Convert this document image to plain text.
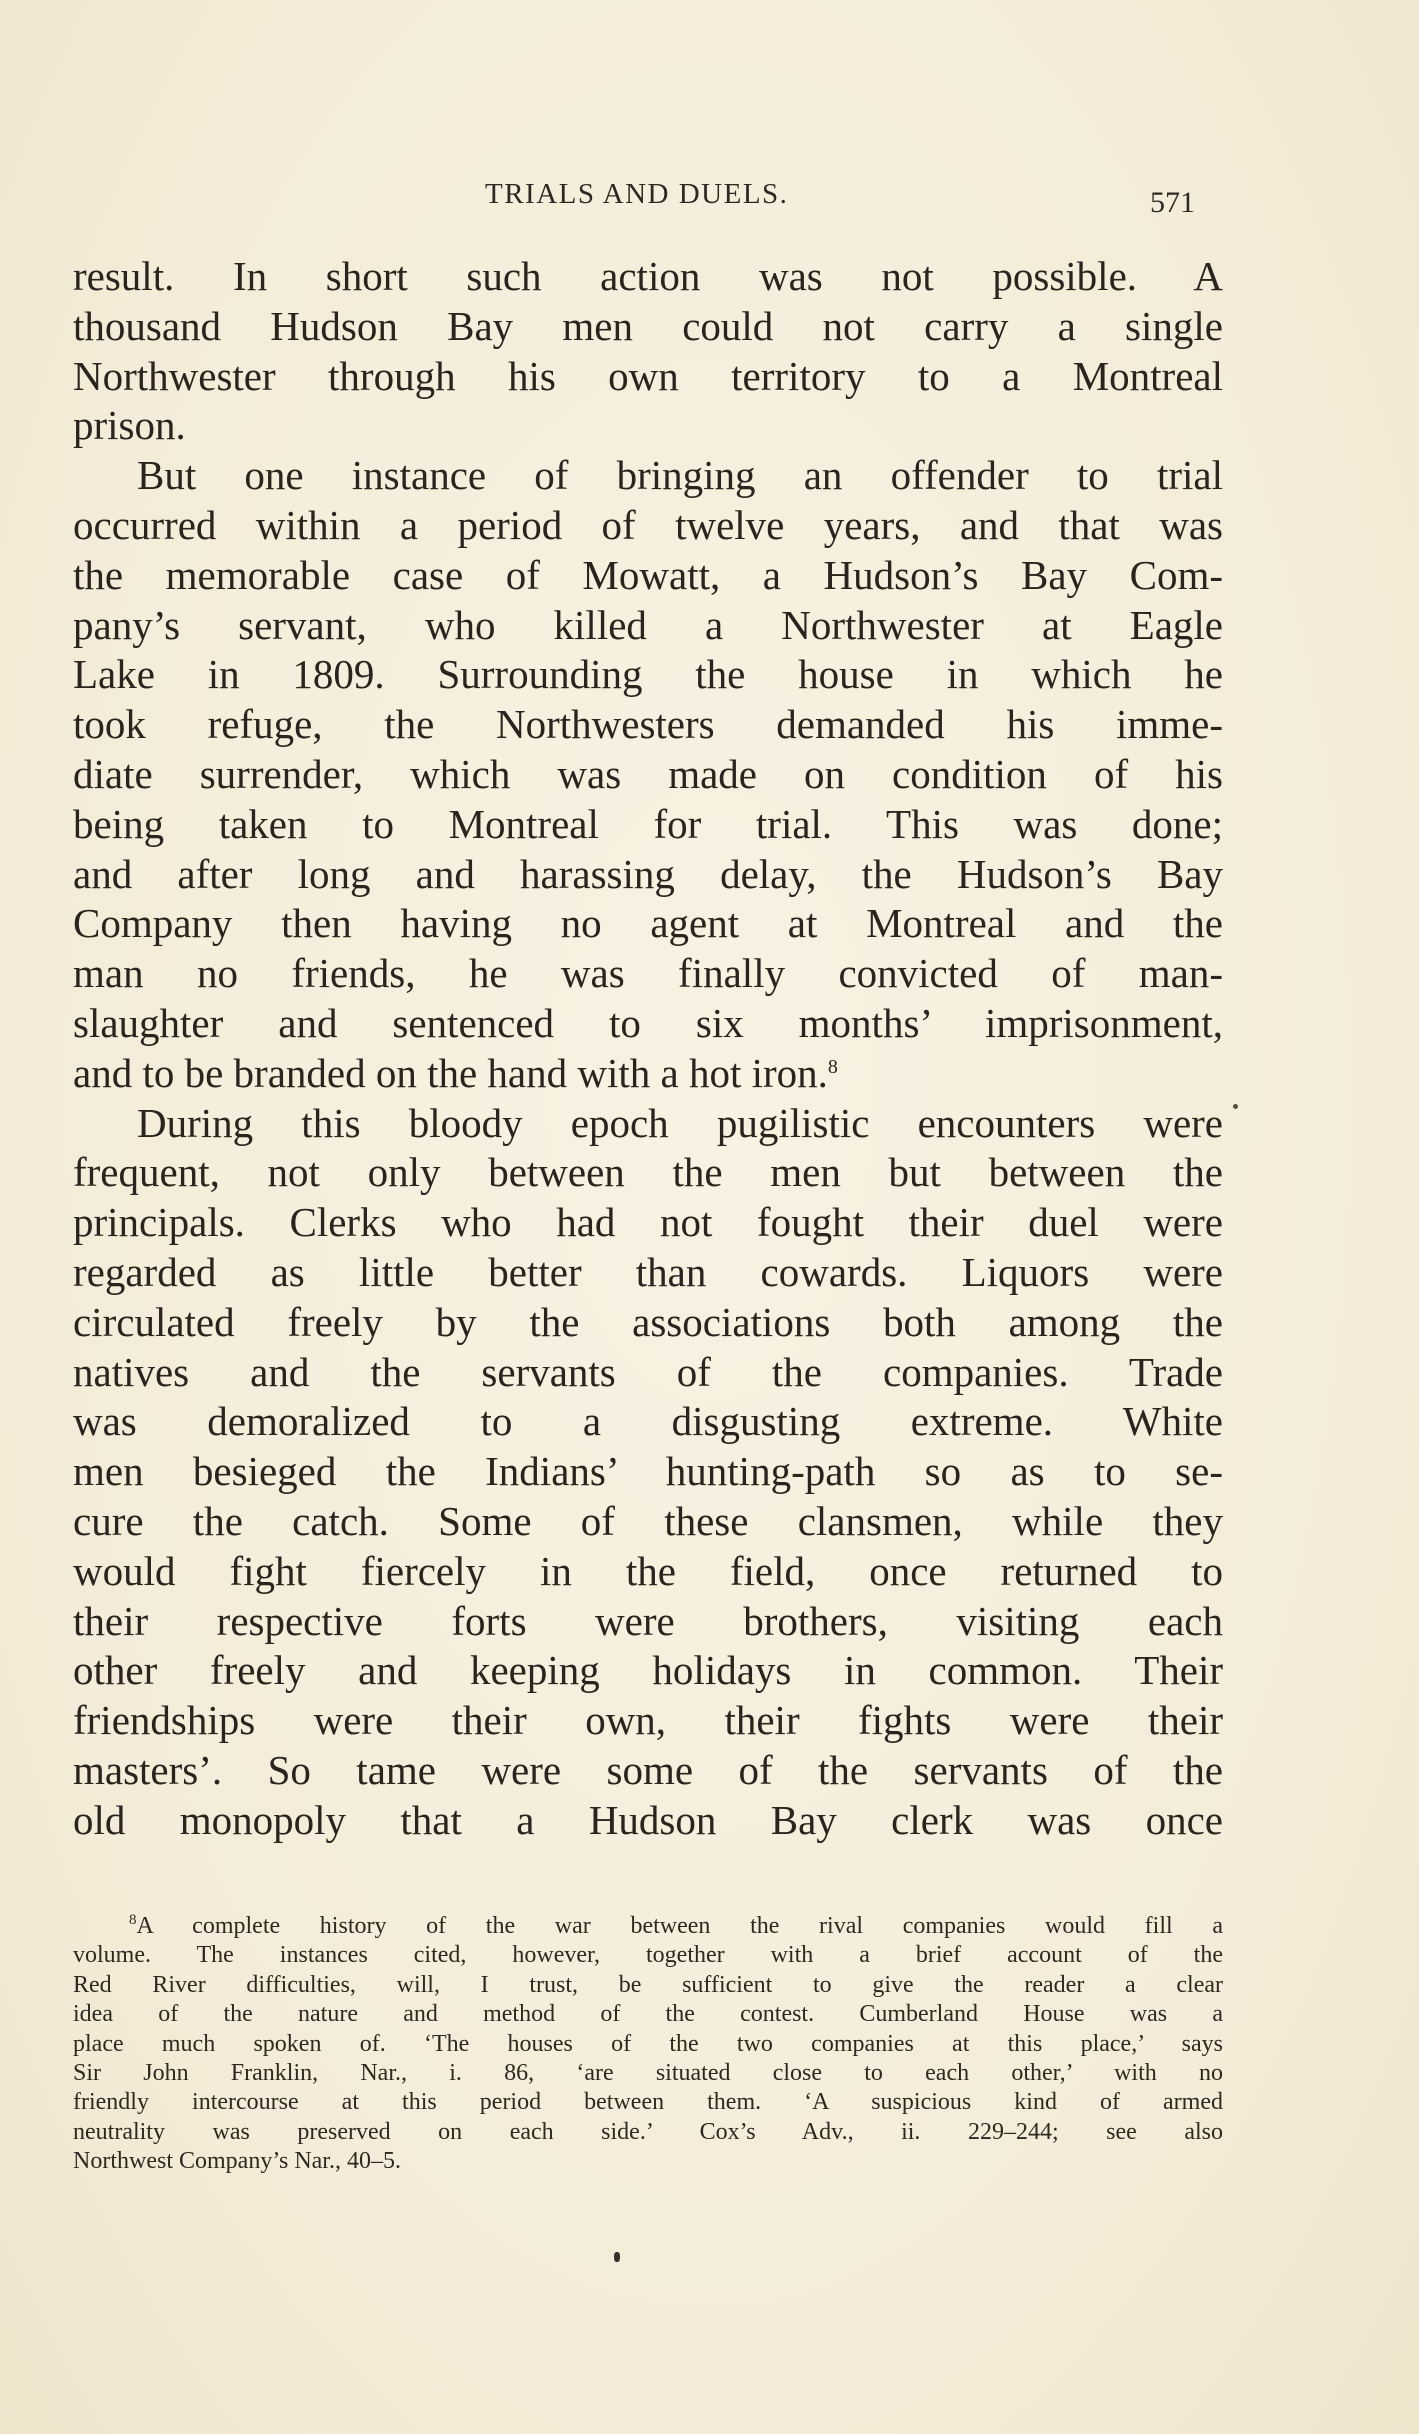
TRIALS AND DUELS.	571
result. In short such action was not possible. A
thousand Hudson Bay men could not carry a single
Northwester through his own territory to a Montreal
prison.
But one instance of bringing an offender to trial
occurred within a period of twelve years, and that was
the memorable case of Mowatt, a Hudson’s Bay Com-
pany’s servant, who killed a Northwester at Eagle
Lake in 1809. Surrounding the house in which he
took refuge, the Northwesters demanded his imme-
diate surrender, which was made on condition of his
being taken to Montreal for trial. This was done;
and after long and harassing delay, the Hudson’s Bay
Company then having no agent at Montreal and the
man no friends, he was finally convicted of man-
slaughter and sentenced to six months’ imprisonment,
and to be branded on the hand with a hot iron.$^8$
During this bloody epoch pugilistic encounters were
frequent, not only between the men but between the
principals. Clerks who had not fought their duel were
regarded as little better than cowards. Liquors were
circulated freely by the associations both among the
natives and the servants of the companies. Trade
was demoralized to a disgusting extreme. White
men besieged the Indians’ hunting-path so as to se-
cure the catch. Some of these clansmen, while they
would fight fiercely in the field, once returned to
their respective forts were brothers, visiting each
other freely and keeping holidays in common. Their
friendships were their own, their fights were their
masters’. So tame were some of the servants of the
old monopoly that a Hudson Bay clerk was once
$^8$A complete history of the war between the rival companies would fill a
volume. The instances cited, however, together with a brief account of the
Red River difficulties, will, I trust, be sufficient to give the reader a clear
idea of the nature and method of the contest. Cumberland House was a
place much spoken of. ‘The houses of the two companies at this place,’ says
Sir John Franklin, Nar., i. 86, ‘are situated close to each other,’ with no
friendly intercourse at this period between them. ‘A suspicious kind of armed
neutrality was preserved on each side.’ Cox’s Adv., ii. 229–244; see also
Northwest Company’s Nar., 40–5.
